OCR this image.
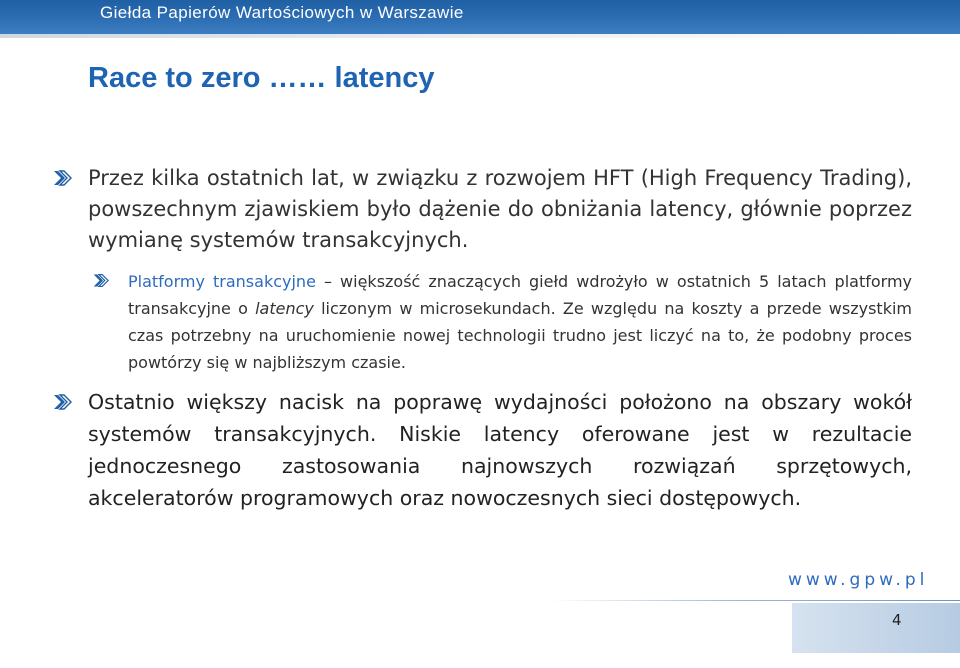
Giełda Papierów Wartościowych w Warszawie
Race to zero …… latency

Przez kilka ostatnich lat, w związku z rozwojem HFT (High Frequency Trading), powszechnym zjawiskiem było dążenie do obniżania latency, głównie poprzez wymianę systemów transakcyjnych.

Platformy transakcyjne – większość znaczących giełd wdrożyło w ostatnich 5 latach platformy transakcyjne o latency liczonym w microsekundach. Ze względu na koszty a przede wszystkim czas potrzebny na uruchomienie nowej technologii trudno jest liczyć na to, że podobny proces powtórzy się w najbliższym czasie.

Ostatnio większy nacisk na poprawę wydajności położono na obszary wokół systemów transakcyjnych. Niskie latency oferowane jest w rezultacie jednoczesnego zastosowania najnowszych rozwiązań sprzętowych, akceleratorów programowych oraz nowoczesnych sieci dostępowych.

www.gpw.pl
4
